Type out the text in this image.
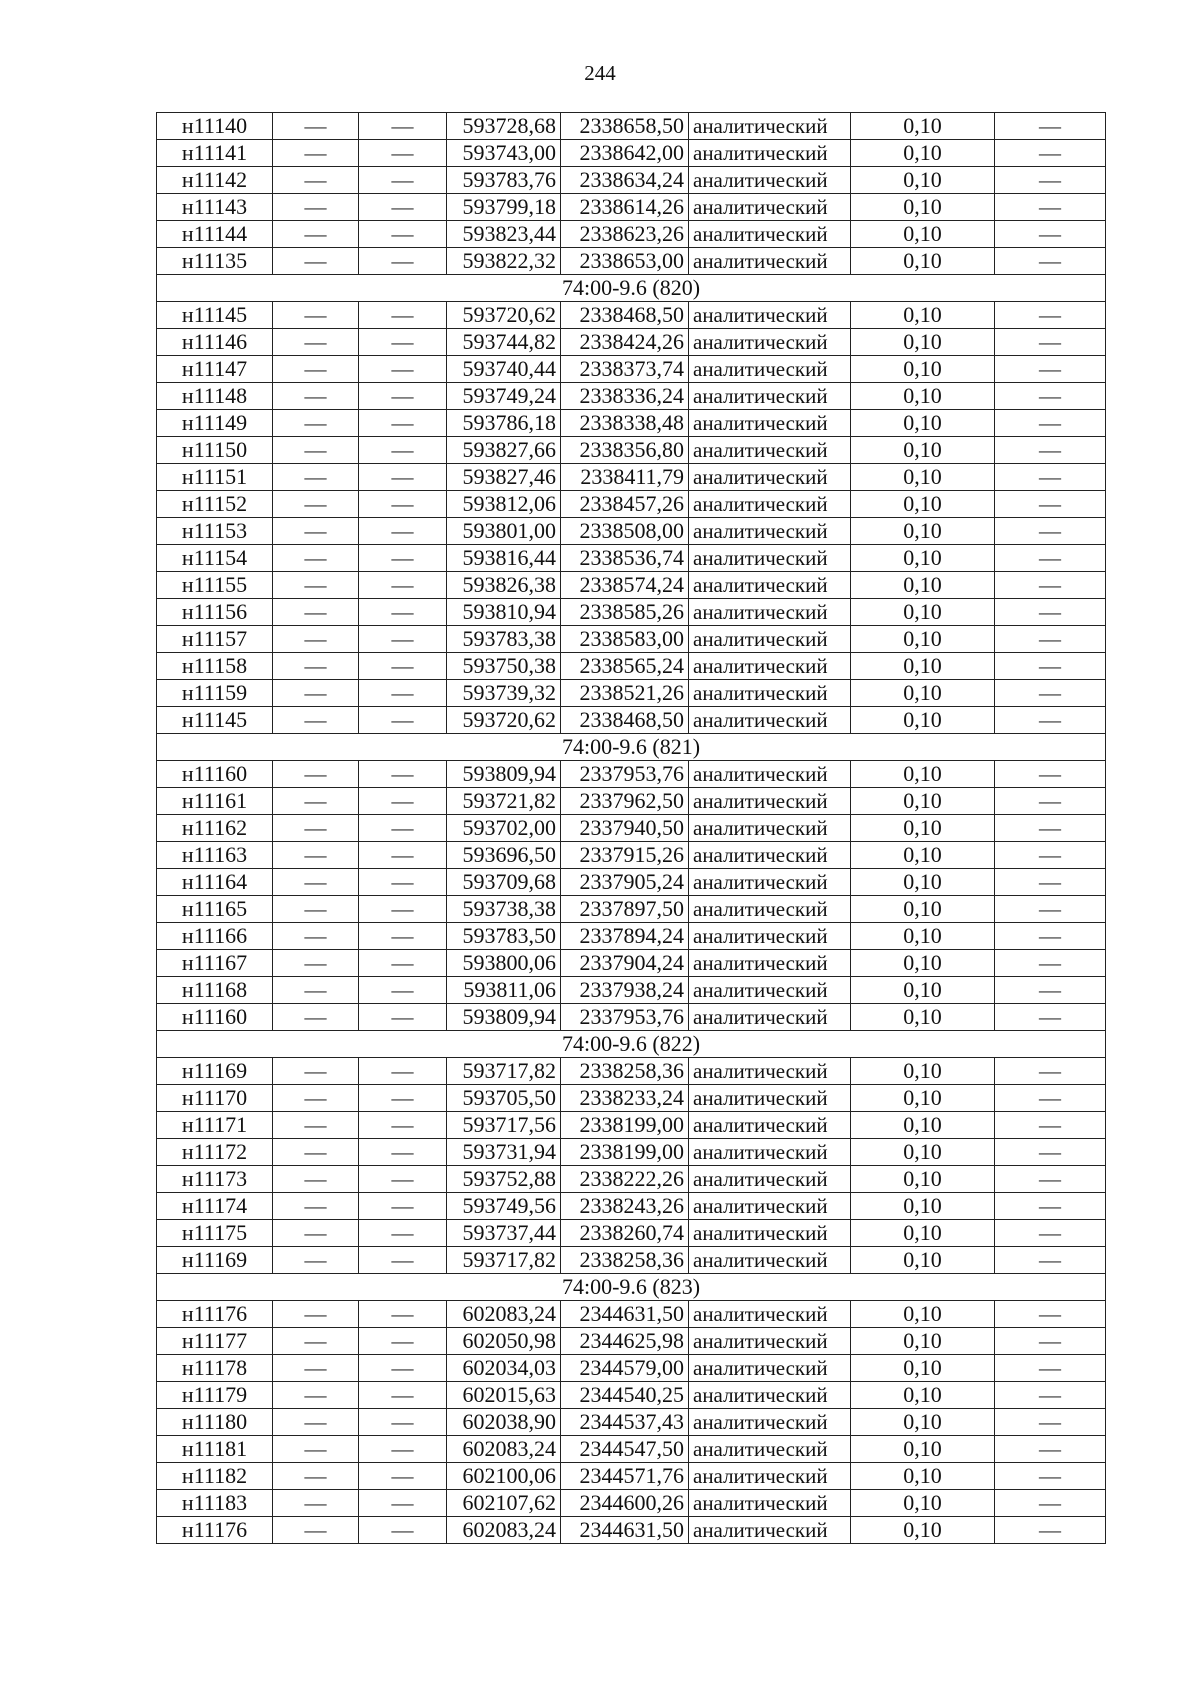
244
н11140	—	—	593728,68	2338658,50	аналитический	0,10	—
н11141	—	—	593743,00	2338642,00	аналитический	0,10	—
н11142	—	—	593783,76	2338634,24	аналитический	0,10	—
н11143	—	—	593799,18	2338614,26	аналитический	0,10	—
н11144	—	—	593823,44	2338623,26	аналитический	0,10	—
н11135	—	—	593822,32	2338653,00	аналитический	0,10	—
74:00-9.6 (820)							
н11145	—	—	593720,62	2338468,50	аналитический	0,10	—
н11146	—	—	593744,82	2338424,26	аналитический	0,10	—
н11147	—	—	593740,44	2338373,74	аналитический	0,10	—
н11148	—	—	593749,24	2338336,24	аналитический	0,10	—
н11149	—	—	593786,18	2338338,48	аналитический	0,10	—
н11150	—	—	593827,66	2338356,80	аналитический	0,10	—
н11151	—	—	593827,46	2338411,79	аналитический	0,10	—
н11152	—	—	593812,06	2338457,26	аналитический	0,10	—
н11153	—	—	593801,00	2338508,00	аналитический	0,10	—
н11154	—	—	593816,44	2338536,74	аналитический	0,10	—
н11155	—	—	593826,38	2338574,24	аналитический	0,10	—
н11156	—	—	593810,94	2338585,26	аналитический	0,10	—
н11157	—	—	593783,38	2338583,00	аналитический	0,10	—
н11158	—	—	593750,38	2338565,24	аналитический	0,10	—
н11159	—	—	593739,32	2338521,26	аналитический	0,10	—
н11145	—	—	593720,62	2338468,50	аналитический	0,10	—
74:00-9.6 (821)							
н11160	—	—	593809,94	2337953,76	аналитический	0,10	—
н11161	—	—	593721,82	2337962,50	аналитический	0,10	—
н11162	—	—	593702,00	2337940,50	аналитический	0,10	—
н11163	—	—	593696,50	2337915,26	аналитический	0,10	—
н11164	—	—	593709,68	2337905,24	аналитический	0,10	—
н11165	—	—	593738,38	2337897,50	аналитический	0,10	—
н11166	—	—	593783,50	2337894,24	аналитический	0,10	—
н11167	—	—	593800,06	2337904,24	аналитический	0,10	—
н11168	—	—	593811,06	2337938,24	аналитический	0,10	—
н11160	—	—	593809,94	2337953,76	аналитический	0,10	—
74:00-9.6 (822)							
н11169	—	—	593717,82	2338258,36	аналитический	0,10	—
н11170	—	—	593705,50	2338233,24	аналитический	0,10	—
н11171	—	—	593717,56	2338199,00	аналитический	0,10	—
н11172	—	—	593731,94	2338199,00	аналитический	0,10	—
н11173	—	—	593752,88	2338222,26	аналитический	0,10	—
н11174	—	—	593749,56	2338243,26	аналитический	0,10	—
н11175	—	—	593737,44	2338260,74	аналитический	0,10	—
н11169	—	—	593717,82	2338258,36	аналитический	0,10	—
74:00-9.6 (823)							
н11176	—	—	602083,24	2344631,50	аналитический	0,10	—
н11177	—	—	602050,98	2344625,98	аналитический	0,10	—
н11178	—	—	602034,03	2344579,00	аналитический	0,10	—
н11179	—	—	602015,63	2344540,25	аналитический	0,10	—
н11180	—	—	602038,90	2344537,43	аналитический	0,10	—
н11181	—	—	602083,24	2344547,50	аналитический	0,10	—
н11182	—	—	602100,06	2344571,76	аналитический	0,10	—
н11183	—	—	602107,62	2344600,26	аналитический	0,10	—
н11176	—	—	602083,24	2344631,50	аналитический	0,10	—
